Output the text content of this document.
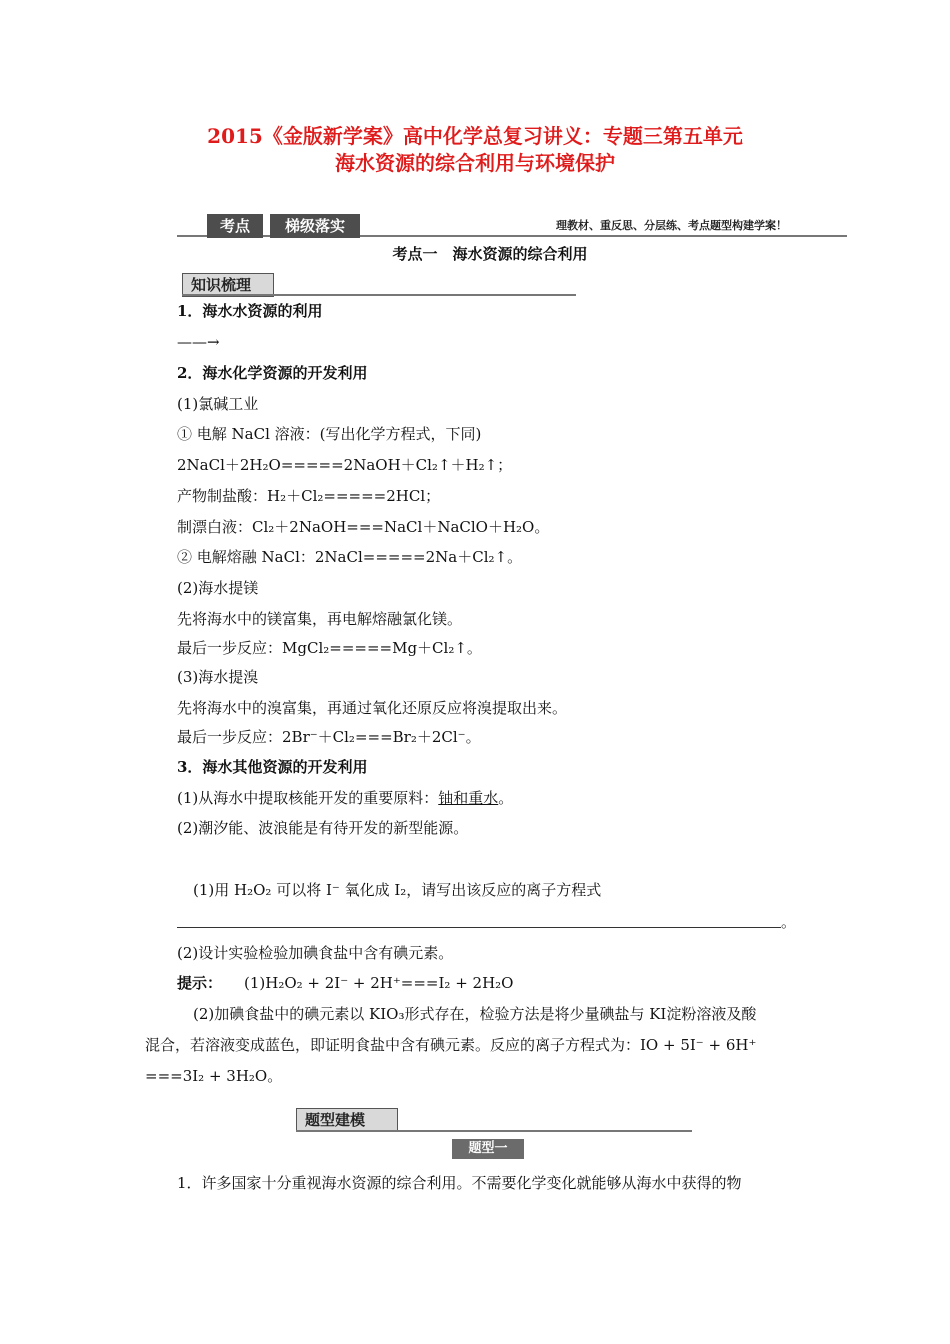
2015《金版新学案》高中化学总复习讲义：专题三第五单元
海水资源的综合利用与环境保护
考点	梯级落实	理教材、重反思、分层练、考点题型构建学案！
考点一　海水资源的综合利用
知识梳理
1．海水水资源的利用
——→
2．海水化学资源的开发利用
(1)氯碱工业
① 电解 NaCl 溶液：(写出化学方程式，下同)
2NaCl＋2H₂O=====2NaOH＋Cl₂↑＋H₂↑；
产物制盐酸：H₂＋Cl₂=====2HCl；
制漂白液：Cl₂＋2NaOH===NaCl＋NaClO＋H₂O。
② 电解熔融 NaCl：2NaCl=====2Na＋Cl₂↑。
(2)海水提镁
先将海水中的镁富集，再电解熔融氯化镁。
最后一步反应：MgCl₂=====Mg＋Cl₂↑。
(3)海水提溴
先将海水中的溴富集，再通过氧化还原反应将溴提取出来。
最后一步反应：2Br⁻＋Cl₂===Br₂＋2Cl⁻。
3．海水其他资源的开发利用
(1)从海水中提取核能开发的重要原料：铀和重水。
(2)潮汐能、波浪能是有待开发的新型能源。
(1)用 H₂O₂ 可以将 I⁻ 氧化成 I₂，请写出该反应的离子方程式
。
(2)设计实验检验加碘食盐中含有碘元素。
提示： (1)H₂O₂ + 2I⁻ + 2H⁺===I₂ + 2H₂O
(2)加碘食盐中的碘元素以 KIO₃形式存在，检验方法是将少量碘盐与 KI淀粉溶液及酸
混合，若溶液变成蓝色，即证明食盐中含有碘元素。反应的离子方程式为：IO + 5I⁻ + 6H⁺
===3I₂ + 3H₂O。
题型建模
题型一
1．许多国家十分重视海水资源的综合利用。不需要化学变化就能够从海水中获得的物
